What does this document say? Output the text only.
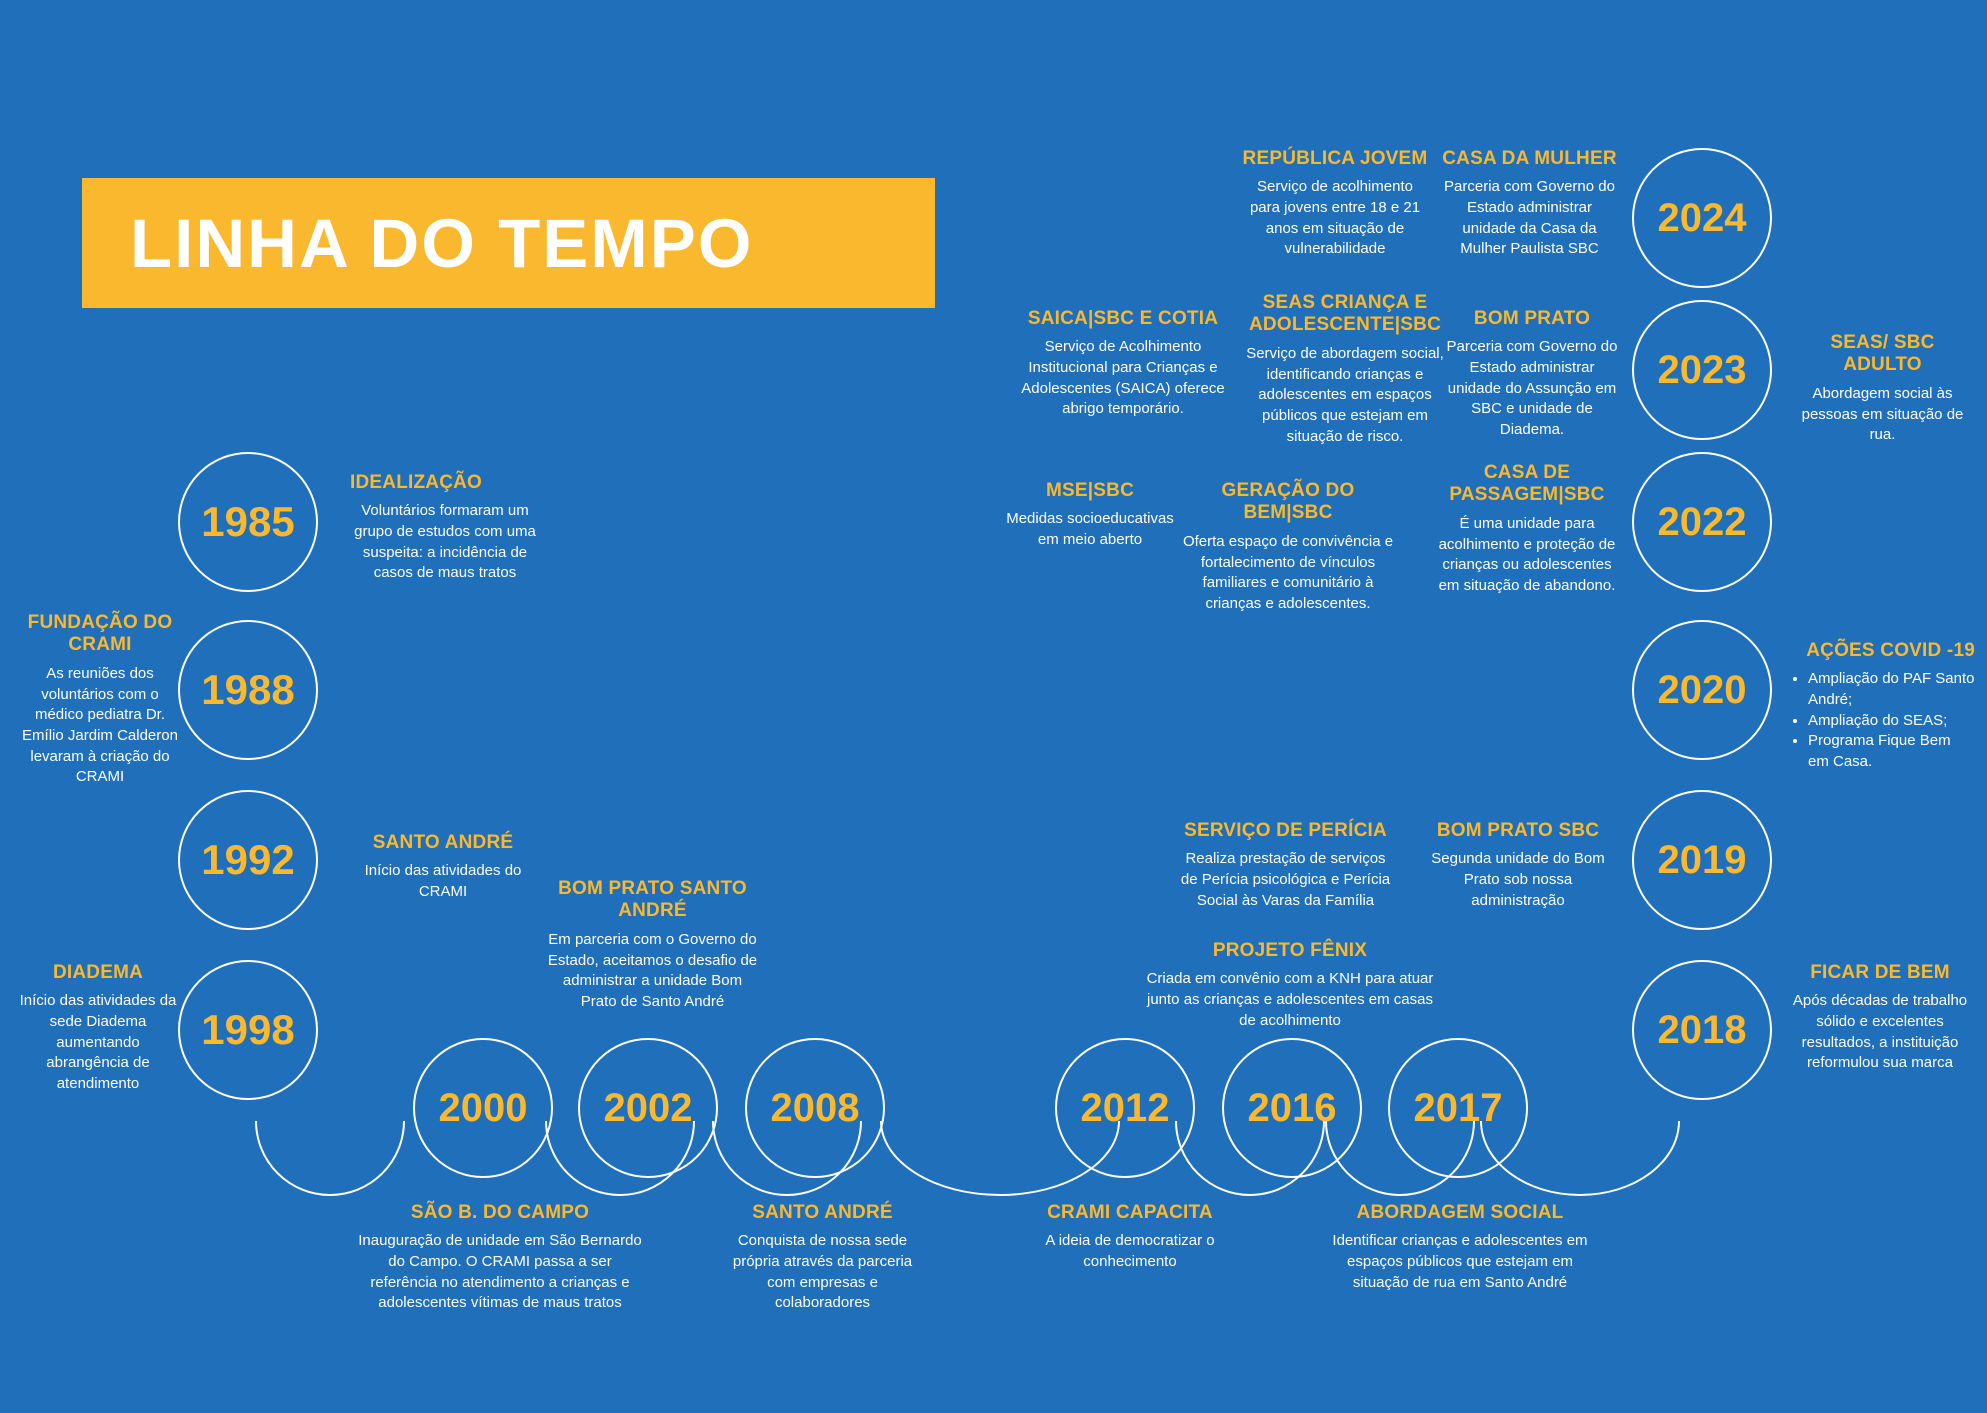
LINHA DO TEMPO
1985
1988
1992
1998
2000 2002 2008	2012 2016 2017
2018
2019
2020
2022
2023
2024
IDEALIZAÇÃO
Voluntários formaram um grupo de estudos com uma suspeita: a incidência de casos de maus tratos
FUNDAÇÃO DO CRAMI
As reuniões dos voluntários com o médico pediatra Dr. Emílio Jardim Calderon levaram à criação do CRAMI
SANTO ANDRÉ
Início das atividades do CRAMI
DIADEMA
Início das atividades da sede Diadema aumentando abrangência de atendimento
SÃO B. DO CAMPO
Inauguração de unidade em São Bernardo do Campo. O CRAMI passa a ser referência no atendimento a crianças e adolescentes vítimas de maus tratos
BOM PRATO SANTO ANDRÉ
Em parceria com o Governo do Estado, aceitamos o desafio de administrar a unidade Bom Prato de Santo André
SANTO ANDRÉ
Conquista de nossa sede própria através da parceria com empresas e colaboradores
CRAMI CAPACITA
A ideia de democratizar o conhecimento
PROJETO FÊNIX
Criada em convênio com a KNH para atuar junto as crianças e adolescentes em casas de acolhimento
ABORDAGEM SOCIAL
Identificar crianças e adolescentes em espaços públicos que estejam em situação de rua em Santo André
FICAR DE BEM
Após décadas de trabalho sólido e excelentes resultados, a instituição reformulou sua marca
BOM PRATO SBC
Segunda unidade do Bom Prato sob nossa administração
AÇÕES COVID -19
• Ampliação do PAF Santo André;
• Ampliação do SEAS;
• Programa Fique Bem em Casa.
CASA DE PASSAGEM|SBC
É uma unidade para acolhimento e proteção de crianças ou adolescentes em situação de abandono.
BOM PRATO
Parceria com Governo do Estado administrar unidade do Assunção em SBC e unidade de Diadema.
CASA DA MULHER
Parceria com Governo do Estado administrar unidade da Casa da Mulher Paulista SBC
SERVIÇO DE PERÍCIA
Realiza prestação de serviços de Perícia psicológica e Perícia Social às Varas da Família
MSE|SBC
Medidas socioeducativas em meio aberto
GERAÇÃO DO BEM|SBC
Oferta espaço de convivência e fortalecimento de vínculos familiares e comunitário à crianças e adolescentes.
SAICA|SBC E COTIA
Serviço de Acolhimento Institucional para Crianças e Adolescentes (SAICA) oferece abrigo temporário.
SEAS CRIANÇA E ADOLESCENTE|SBC
Serviço de abordagem social, identificando crianças e adolescentes em espaços públicos que estejam em situação de risco.
SEAS/ SBC ADULTO
Abordagem social às pessoas em situação de rua.
REPÚBLICA JOVEM
Serviço de acolhimento para jovens entre 18 e 21 anos em situação de vulnerabilidade
